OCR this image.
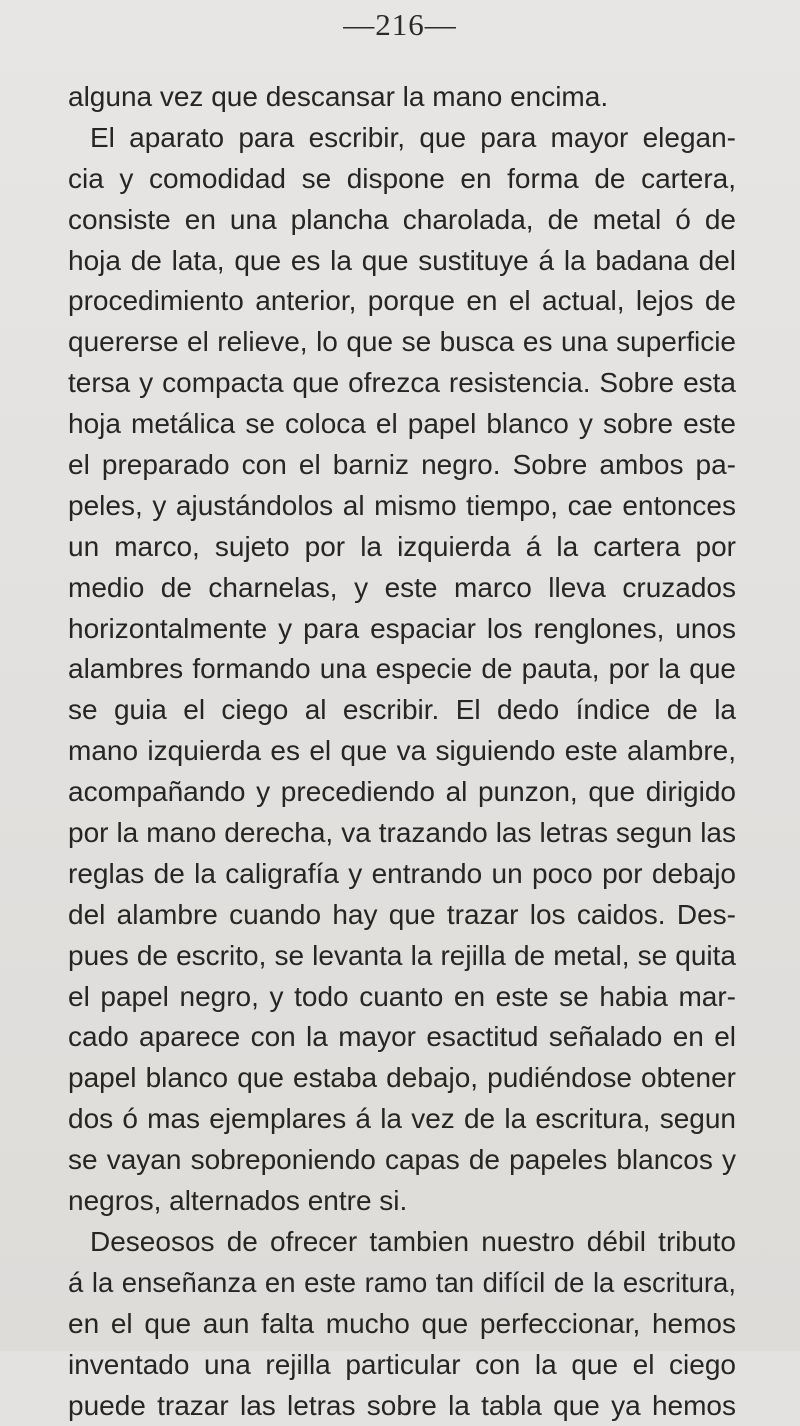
—216—
alguna vez que descansar la mano encima.
El aparato para escribir, que para mayor elegan-
cia y comodidad se dispone en forma de cartera,
consiste en una plancha charolada, de metal ó de
hoja de lata, que es la que sustituye á la badana del
procedimiento anterior, porque en el actual, lejos de
quererse el relieve, lo que se busca es una superficie
tersa y compacta que ofrezca resistencia. Sobre esta
hoja metálica se coloca el papel blanco y sobre este
el preparado con el barniz negro. Sobre ambos pa-
peles, y ajustándolos al mismo tiempo, cae entonces
un marco, sujeto por la izquierda á la cartera por
medio de charnelas, y este marco lleva cruzados
horizontalmente y para espaciar los renglones, unos
alambres formando una especie de pauta, por la que
se guia el ciego al escribir. El dedo índice de la
mano izquierda es el que va siguiendo este alambre,
acompañando y precediendo al punzon, que dirigido
por la mano derecha, va trazando las letras segun las
reglas de la caligrafía y entrando un poco por debajo
del alambre cuando hay que trazar los caidos. Des-
pues de escrito, se levanta la rejilla de metal, se quita
el papel negro, y todo cuanto en este se habia mar-
cado aparece con la mayor esactitud señalado en el
papel blanco que estaba debajo, pudiéndose obtener
dos ó mas ejemplares á la vez de la escritura, segun
se vayan sobreponiendo capas de papeles blancos y
negros, alternados entre si.
Deseosos de ofrecer tambien nuestro débil tributo
á la enseñanza en este ramo tan difícil de la escritura,
en el que aun falta mucho que perfeccionar, hemos
inventado una rejilla particular con la que el ciego
puede trazar las letras sobre la tabla que ya hemos
